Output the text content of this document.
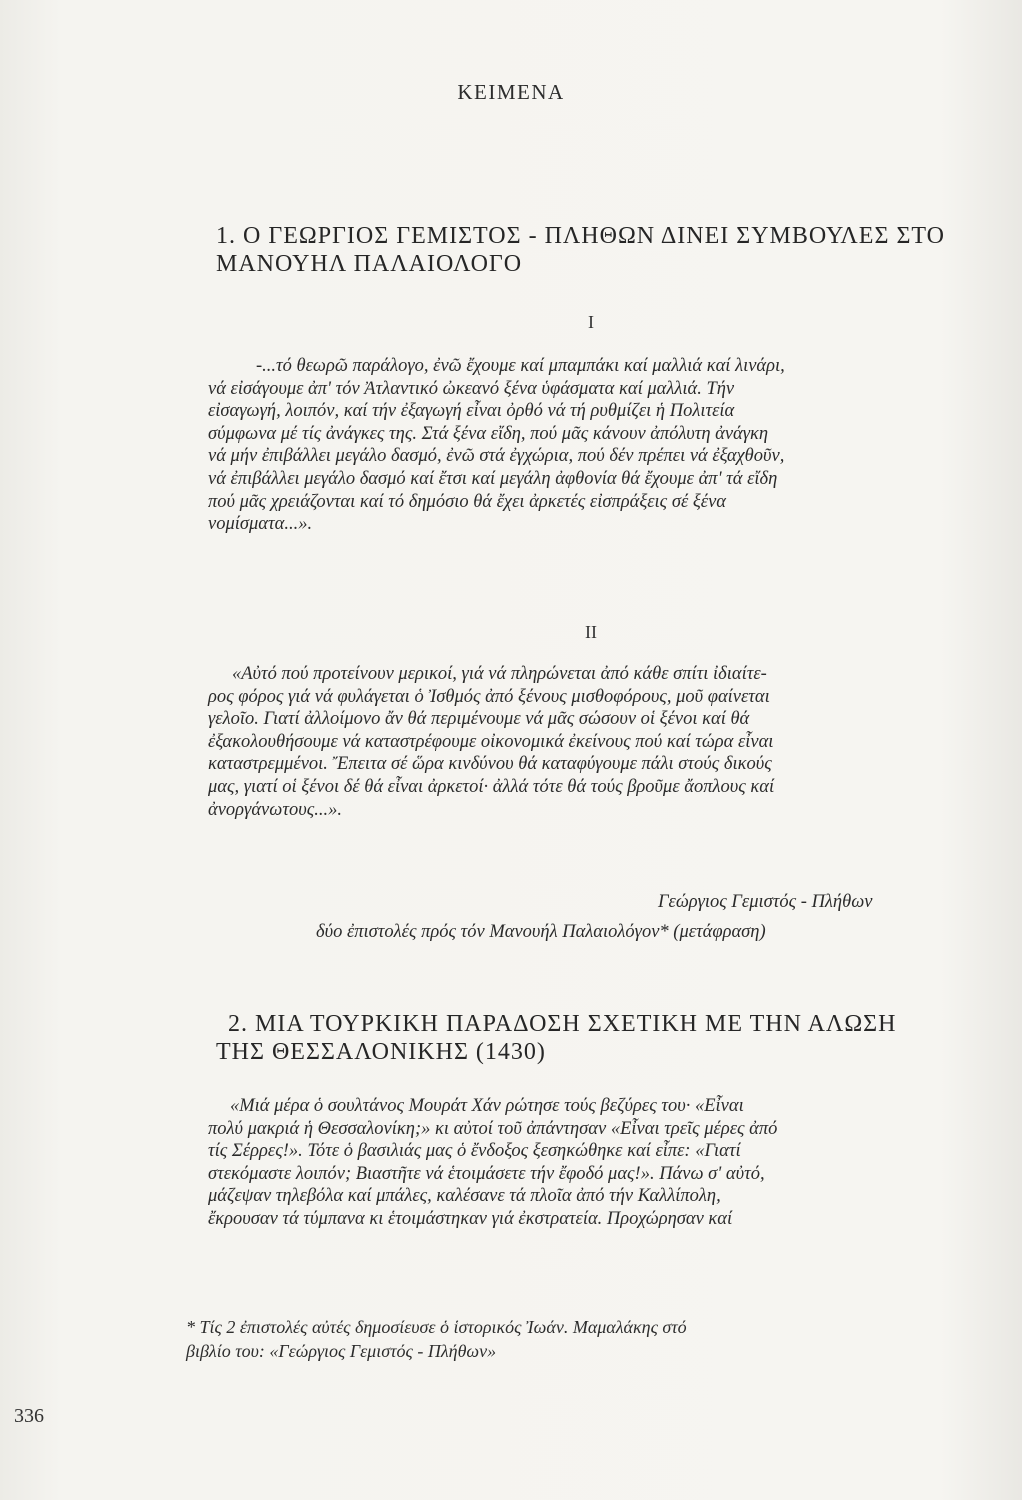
ΚΕΙΜΕΝΑ
1. Ο ΓΕΩΡΓΙΟΣ ΓΕΜΙΣΤΟΣ - ΠΛΗΘΩΝ ΔΙΝΕΙ ΣΥΜΒΟΥΛΕΣ ΣΤΟ
ΜΑΝΟΥΗΛ ΠΑΛΑΙΟΛΟΓΟ
Ι
-...τό θεωρῶ παράλογο, ἐνῶ ἔχουμε καί μπαμπάκι καί μαλλιά καί λινάρι,
νά εἰσάγουμε ἀπ' τόν Ἀτλαντικό ὠκεανό ξένα ὑφάσματα καί μαλλιά. Τήν
εἰσαγωγή, λοιπόν, καί τήν ἐξαγωγή εἶναι ὀρθό νά τή ρυθμίζει ἡ Πολιτεία
σύμφωνα μέ τίς ἀνάγκες της. Στά ξένα εἴδη, πού μᾶς κάνουν ἀπόλυτη ἀνάγκη
νά μήν ἐπιβάλλει μεγάλο δασμό, ἐνῶ στά ἐγχώρια, πού δέν πρέπει νά ἐξαχθοῦν,
νά ἐπιβάλλει μεγάλο δασμό καί ἔτσι καί μεγάλη ἀφθονία θά ἔχουμε ἀπ' τά εἴδη
πού μᾶς χρειάζονται καί τό δημόσιο θά ἔχει ἀρκετές εἰσπράξεις σέ ξένα
νομίσματα...».
ΙΙ
«Αὐτό πού προτείνουν μερικοί, γιά νά πληρώνεται ἀπό κάθε σπίτι ἰδιαίτε-
ρος φόρος γιά νά φυλάγεται ὁ Ἰσθμός ἀπό ξένους μισθοφόρους, μοῦ φαίνεται
γελοῖο. Γιατί ἀλλοίμονο ἄν θά περιμένουμε νά μᾶς σώσουν οἱ ξένοι καί θά
ἐξακολουθήσουμε νά καταστρέφουμε οἰκονομικά ἐκείνους πού καί τώρα εἶναι
καταστρεμμένοι. Ἔπειτα σέ ὥρα κινδύνου θά καταφύγουμε πάλι στούς δικούς
μας, γιατί οἱ ξένοι δέ θά εἶναι ἀρκετοί· ἀλλά τότε θά τούς βροῦμε ἄοπλους καί
ἀνοργάνωτους...».
Γεώργιος Γεμιστός - Πλήθων
δύο ἐπιστολές πρός τόν Μανουήλ Παλαιολόγον* (μετάφραση)
2. ΜΙΑ ΤΟΥΡΚΙΚΗ ΠΑΡΑΔΟΣΗ ΣΧΕΤΙΚΗ ΜΕ ΤΗΝ ΑΛΩΣΗ
ΤΗΣ ΘΕΣΣΑΛΟΝΙΚΗΣ (1430)
«Μιά μέρα ὁ σουλτάνος Μουράτ Χάν ρώτησε τούς βεζύρες του· «Εἶναι
πολύ μακριά ἡ Θεσσαλονίκη;» κι αὐτοί τοῦ ἀπάντησαν «Εἶναι τρεῖς μέρες ἀπό
τίς Σέρρες!». Τότε ὁ βασιλιάς μας ὁ ἔνδοξος ξεσηκώθηκε καί εἶπε: «Γιατί
στεκόμαστε λοιπόν; Βιαστῆτε νά ἑτοιμάσετε τήν ἔφοδό μας!». Πάνω σ' αὐτό,
μάζεψαν τηλεβόλα καί μπάλες, καλέσανε τά πλοῖα ἀπό τήν Καλλίπολη,
ἔκρουσαν τά τύμπανα κι ἑτοιμάστηκαν γιά ἐκστρατεία. Προχώρησαν καί
* Τίς 2 ἐπιστολές αὐτές δημοσίευσε ὁ ἱστορικός Ἰωάν. Μαμαλάκης στό
βιβλίο του: «Γεώργιος Γεμιστός - Πλήθων»
336
